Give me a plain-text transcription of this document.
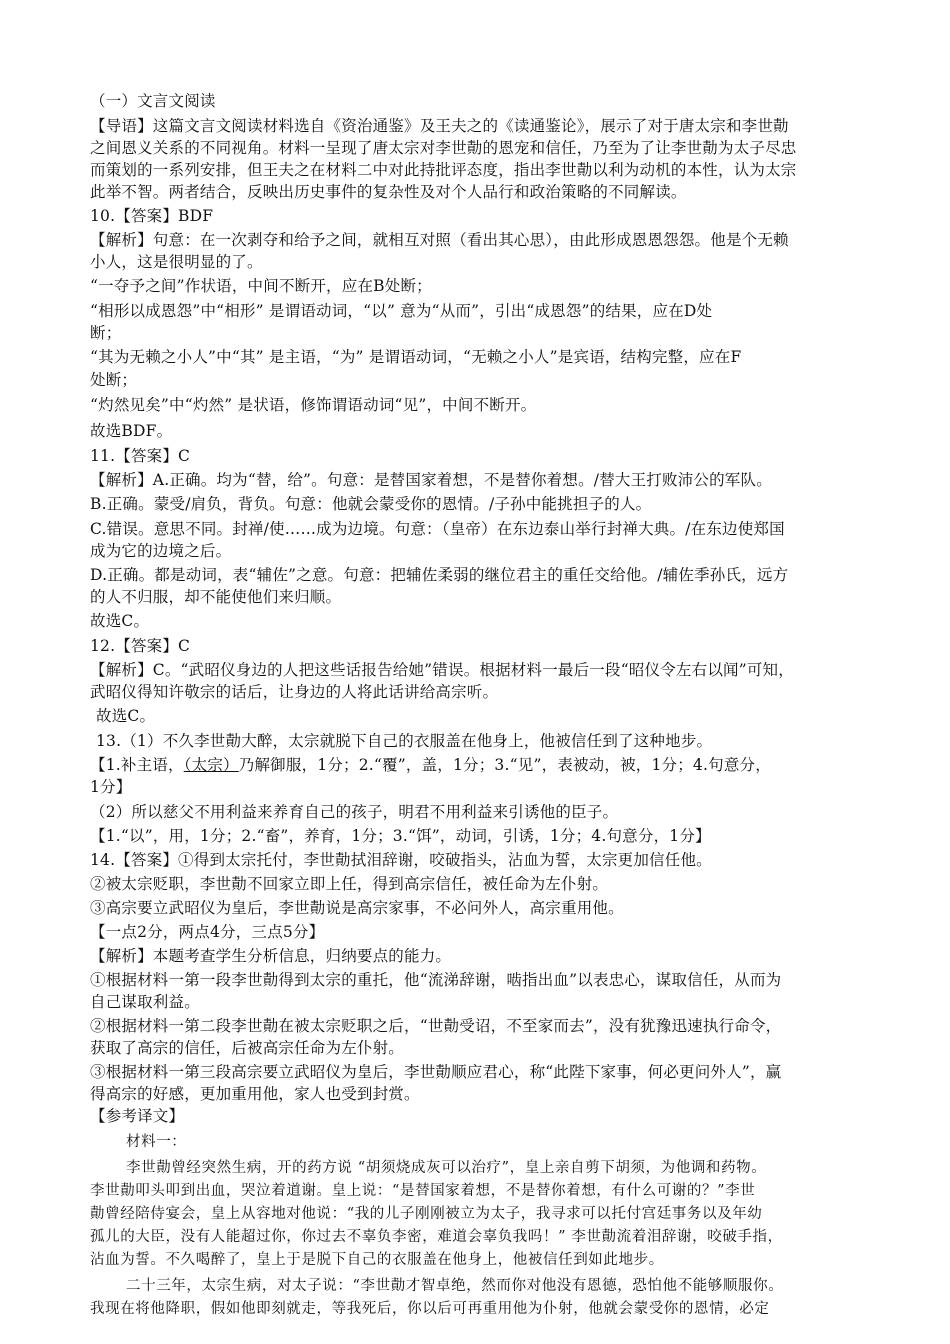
（一）文言文阅读
【导语】这篇文言文阅读材料选自《资治通鉴》及王夫之的《读通鉴论》，展示了对于唐太宗和李世勣
之间恩义关系的不同视角。材料一呈现了唐太宗对李世勣的恩宠和信任，乃至为了让李世勣为太子尽忠
而策划的一系列安排，但王夫之在材料二中对此持批评态度，指出李世勣以利为动机的本性，认为太宗
此举不智。两者结合，反映出历史事件的复杂性及对个人品行和政治策略的不同解读。
10.【答案】BDF
【解析】句意：在一次剥夺和给予之间，就相互对照（看出其心思），由此形成恩恩怨怨。他是个无赖
小人，这是很明显的了。
“一夺予之间”作状语，中间不断开，应在B处断；
“相形以成恩怨”中“相形” 是谓语动词，“以” 意为“从而”，引出“成恩怨”的结果，应在D处
断；
“其为无赖之小人”中“其” 是主语，“为” 是谓语动词，“无赖之小人”是宾语，结构完整，应在F
处断；
“灼然见矣”中“灼然” 是状语，修饰谓语动词“见”，中间不断开。
故选BDF。
11.【答案】C
【解析】A.正确。均为“替，给”。句意：是替国家着想，不是替你着想。/替大王打败沛公的军队。
B.正确。蒙受/肩负，背负。句意：他就会蒙受你的恩情。/子孙中能挑担子的人。
C.错误。意思不同。封禅/使……成为边境。句意：（皇帝）在东边泰山举行封禅大典。/在东边使郑国
成为它的边境之后。
D.正确。都是动词，表“辅佐”之意。句意：把辅佐柔弱的继位君主的重任交给他。/辅佐季孙氏，远方
的人不归服，却不能使他们来归顺。
故选C。
12.【答案】C
【解析】C。“武昭仪身边的人把这些话报告给她”错误。根据材料一最后一段“昭仪令左右以闻”可知，
武昭仪得知许敬宗的话后，让身边的人将此话讲给高宗听。
故选C。
13.（1）不久李世勣大醉，太宗就脱下自己的衣服盖在他身上，他被信任到了这种地步。
【1.补主语，（太宗）乃解御服，1分；2.“覆”，盖，1分；3.“见”，表被动，被，1分；4.句意分，
1分】
（2）所以慈父不用利益来养育自己的孩子，明君不用利益来引诱他的臣子。
【1.“以”，用，1分；2.“畜”，养育，1分；3.“饵”，动词，引诱，1分；4.句意分，1分】
14.【答案】①得到太宗托付，李世勣拭泪辞谢，咬破指头，沾血为誓，太宗更加信任他。
②被太宗贬职，李世勣不回家立即上任，得到高宗信任，被任命为左仆射。
③高宗要立武昭仪为皇后，李世勣说是高宗家事，不必问外人，高宗重用他。
【一点2分，两点4分，三点5分】
【解析】本题考查学生分析信息，归纳要点的能力。
①根据材料一第一段李世勣得到太宗的重托，他“流涕辞谢，啮指出血”以表忠心，谋取信任，从而为
自己谋取利益。
②根据材料一第二段李世勣在被太宗贬职之后，“世勣受诏，不至家而去”，没有犹豫迅速执行命令，
获取了高宗的信任，后被高宗任命为左仆射。
③根据材料一第三段高宗要立武昭仪为皇后，李世勣顺应君心，称“此陛下家事，何必更问外人”，赢
得高宗的好感，更加重用他，家人也受到封赏。
【参考译文】
材料一：
李世勣曾经突然生病，开的药方说 “胡须烧成灰可以治疗”，皇上亲自剪下胡须，为他调和药物。
李世勣叩头叩到出血，哭泣着道谢。皇上说：“是替国家着想，不是替你着想，有什么可谢的？”李世
勣曾经陪侍宴会，皇上从容地对他说：“我的儿子刚刚被立为太子，我寻求可以托付宫廷事务以及年幼
孤儿的大臣，没有人能超过你，你过去不辜负李密，难道会辜负我吗！” 李世勣流着泪辞谢，咬破手指，
沾血为誓。不久喝醉了，皇上于是脱下自己的衣服盖在他身上，他被信任到如此地步。
二十三年，太宗生病，对太子说：“李世勣才智卓绝，然而你对他没有恩德，恐怕他不能够顺服你。
我现在将他降职，假如他即刻就走，等我死后，你以后可再重用他为仆射，他就会蒙受你的恩情，必定
